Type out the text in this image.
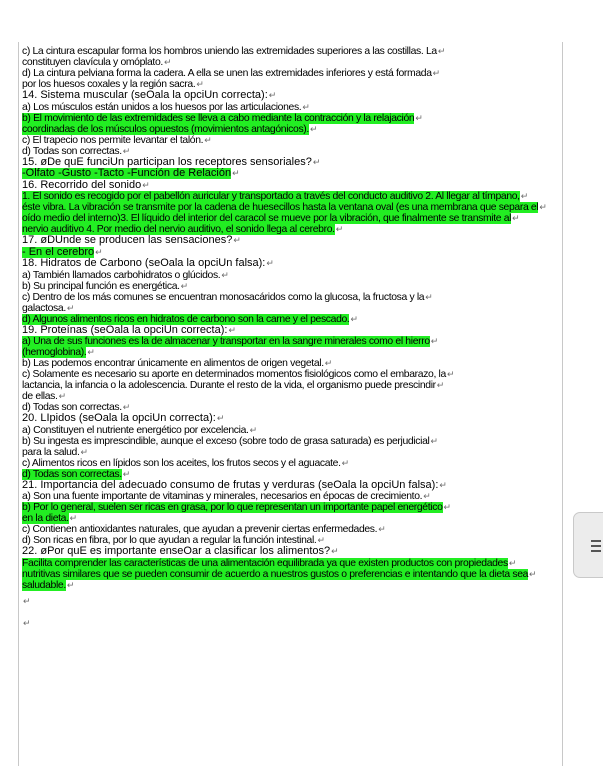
c) La cintura escapular forma los hombros uniendo las extremidades superiores a las costillas. La↵
constituyen clavícula y omóplato.↵
d) La cintura pelviana forma la cadera. A ella se unen las extremidades inferiores y está formada↵
por los huesos coxales y la región sacra.↵
14. Sistema muscular (seÒala la opciÛn correcta):↵
a) Los músculos están unidos a los huesos por las articulaciones.↵
b) El movimiento de las extremidades se lleva a cabo mediante la contracción y la relajación↵
coordinadas de los músculos opuestos (movimientos antagónicos).↵
c) El trapecio nos permite levantar el talón.↵
d) Todas son correctas.↵
15. øDe quÈ funciÛn participan los receptores sensoriales?↵
-Olfato -Gusto -Tacto -Función de Relación↵
16. Recorrido del sonido↵
1. El sonido es recogido por el pabellón auricular y transportado a través del conducto auditivo 2. Al llegar al tímpano,↵
éste vibra. La vibración se transmite por la cadena de huesecillos hasta la ventana oval (es una membrana que separa el↵
oído medio del interno)3. El líquido del interior del caracol se mueve por la vibración, que finalmente se transmite al↵
nervio auditivo 4. Por medio del nervio auditivo, el sonido llega al cerebro.↵
17. øDÛnde se producen las sensaciones?↵
- En el cerebro↵
18. Hidratos de Carbono (seÒala la opciÛn falsa):↵
a) También llamados carbohidratos o glúcidos.↵
b) Su principal función es energética.↵
c) Dentro de los más comunes se encuentran monosacáridos como la glucosa, la fructosa y la↵
galactosa.↵
d) Algunos alimentos ricos en hidratos de carbono son la carne y el pescado.↵
19. Proteínas (seÒala la opciÛn correcta):↵
a) Una de sus funciones es la de almacenar y transportar en la sangre minerales como el hierro↵
(hemoglobina).↵
b) Las podemos encontrar únicamente en alimentos de origen vegetal.↵
c) Solamente es necesario su aporte en determinados momentos fisiológicos como el embarazo, la↵
lactancia, la infancia o la adolescencia. Durante el resto de la vida, el organismo puede prescindir↵
de ellas.↵
d) Todas son correctas.↵
20. LÌpidos (seÒala la opciÛn correcta):↵
a) Constituyen el nutriente energético por excelencia.↵
b) Su ingesta es imprescindible, aunque el exceso (sobre todo de grasa saturada) es perjudicial↵
para la salud.↵
c) Alimentos ricos en lípidos son los aceites, los frutos secos y el aguacate.↵
d) Todas son correctas.↵
21. Importancia del adecuado consumo de frutas y verduras (seÒala la opciÛn falsa):↵
a) Son una fuente importante de vitaminas y minerales, necesarios en épocas de crecimiento.↵
b) Por lo general, suelen ser ricas en grasa, por lo que representan un importante papel energético↵
en la dieta.↵
c) Contienen antioxidantes naturales, que ayudan a prevenir ciertas enfermedades.↵
d) Son ricas en fibra, por lo que ayudan a regular la función intestinal.↵
22. øPor quÈ es importante enseÒar a clasificar los alimentos?↵
Facilita comprender las características de una alimentación equilibrada ya que existen productos con propiedades↵
nutritivas similares que se pueden consumir de acuerdo a nuestros gustos o preferencias e intentando que la dieta sea↵
saludable.↵
↵
↵
